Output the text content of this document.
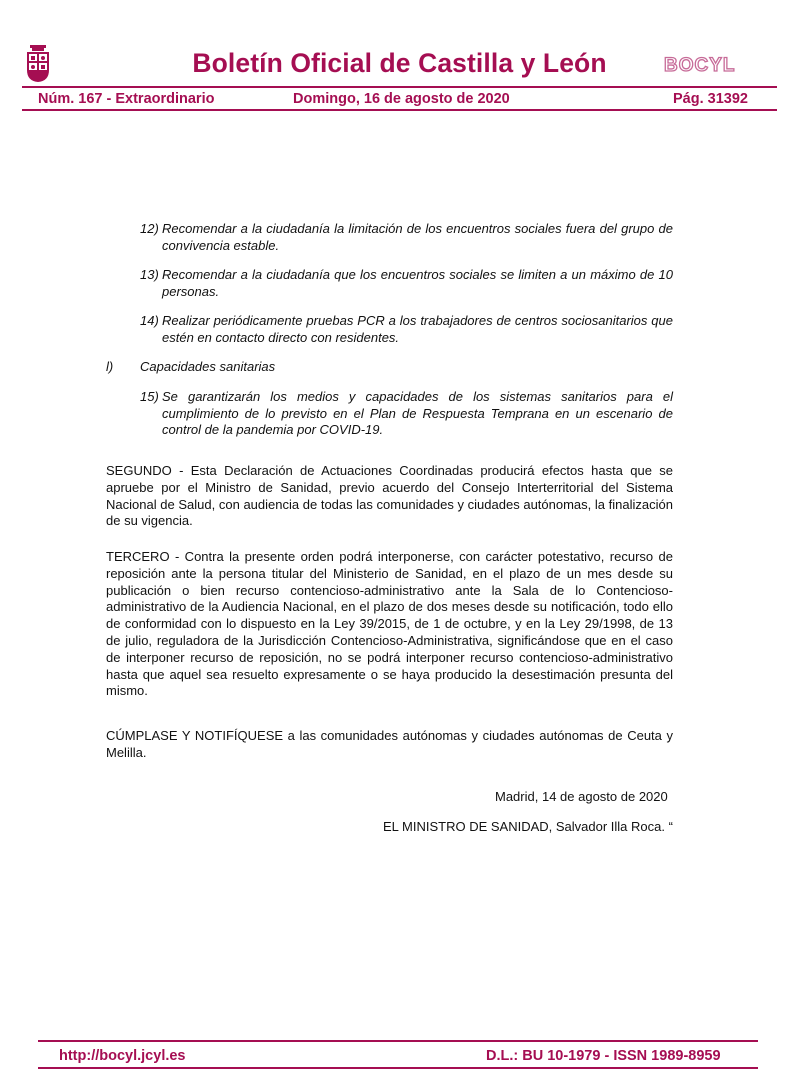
Boletín Oficial de Castilla y León	BOCYL
Núm. 167 - Extraordinario	Domingo, 16 de agosto de 2020	Pág. 31392
12) Recomendar a la ciudadanía la limitación de los encuentros sociales fuera del grupo de convivencia estable.
13) Recomendar a la ciudadanía que los encuentros sociales se limiten a un máximo de 10 personas.
14) Realizar periódicamente pruebas PCR a los trabajadores de centros sociosanitarios que estén en contacto directo con residentes.
l) Capacidades sanitarias
15) Se garantizarán los medios y capacidades de los sistemas sanitarios para el cumplimiento de lo previsto en el Plan de Respuesta Temprana en un escenario de control de la pandemia por COVID-19.
SEGUNDO - Esta Declaración de Actuaciones Coordinadas producirá efectos hasta que se apruebe por el Ministro de Sanidad, previo acuerdo del Consejo Interterritorial del Sistema Nacional de Salud, con audiencia de todas las comunidades y ciudades autónomas, la finalización de su vigencia.
TERCERO - Contra la presente orden podrá interponerse, con carácter potestativo, recurso de reposición ante la persona titular del Ministerio de Sanidad, en el plazo de un mes desde su publicación o bien recurso contencioso-administrativo ante la Sala de lo Contencioso-administrativo de la Audiencia Nacional, en el plazo de dos meses desde su notificación, todo ello de conformidad con lo dispuesto en la Ley 39/2015, de 1 de octubre, y en la Ley 29/1998, de 13 de julio, reguladora de la Jurisdicción Contencioso-Administrativa, significándose que en el caso de interponer recurso de reposición, no se podrá interponer recurso contencioso-administrativo hasta que aquel sea resuelto expresamente o se haya producido la desestimación presunta del mismo.
CÚMPLASE Y NOTIFÍQUESE a las comunidades autónomas y ciudades autónomas de Ceuta y Melilla.
Madrid, 14 de agosto de 2020
EL MINISTRO DE SANIDAD, Salvador Illa Roca. “
http://bocyl.jcyl.es	D.L.: BU 10-1979 - ISSN 1989-8959
